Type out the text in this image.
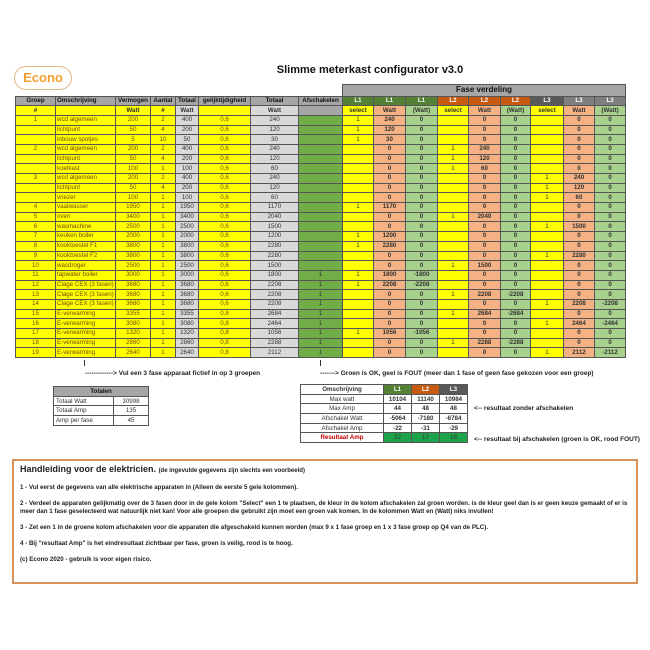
Econo	Slimme meterkast configurator v3.0
								Fase verdeling								
Groep	Omschrijving	Vermogen	Aantal	Totaal	gelijktijdigheid	Totaal	Afschakelen	L1	L1	L1	L2	L2	L2	L3	L3	L3
#		Watt	#	Watt		Watt		select	Watt	(Watt)	select	Watt	(Watt)	select	Watt	(Watt)
1	wcd algemeen	200	2	400	0,6	240		1	240	0		0	0		0	0
	lichtpunt	50	4	200	0,6	120		1	120	0		0	0		0	0
	inbouw spotjes	5	10	50	0,6	30		1	30	0		0	0		0	0
2	wcd algemeen	200	2	400	0,6	240			0	0	1	240	0		0	0
	lichtpunt	50	4	200	0,6	120			0	0	1	120	0		0	0
	koelkast	100	1	100	0,6	60			0	0	1	60	0		0	0
3	wcd algemeen	200	2	400	0,6	240			0	0		0	0	1	240	0
	lichtpunt	50	4	200	0,6	120			0	0		0	0	1	120	0
	vriezer	100	1	100	0,6	60			0	0		0	0	1	60	0
4	vaatwasser	1950	1	1950	0,6	1170		1	1170	0		0	0		0	0
5	oven	3400	1	3400	0,6	2040			0	0	1	2040	0		0	0
6	wasmachine	2500	1	2500	0,6	1500			0	0		0	0	1	1500	0
7	keuken boiler	2000	1	2000	0,6	1200		1	1200	0		0	0		0	0
8	kooktoestel F1	3800	1	3800	0,6	2280		1	2280	0		0	0		0	0
9	kooktoestel F2	3800	1	3800	0,6	2280			0	0		0	0	1	2280	0
10	wasdroger	2500	1	2500	0,6	1500			0	0	1	1500	0		0	0
11	tapwater boiler	3000	1	3000	0,6	1800	1	1	1800	-1800		0	0		0	0
12	Clage CEX (3 fasen)	3680	1	3680	0,6	2208	1	1	2208	-2208		0	0		0	0
13	Clage CEX (3 fasen)	3680	1	3680	0,6	2208	1		0	0	1	2208	-2208		0	0
14	Clage CEX (3 fasen)	3680	1	3680	0,6	2208	1		0	0		0	0	1	2208	-2208
15	E-verwarming	3355	1	3355	0,8	2684	1		0	0	1	2684	-2684		0	0
16	E-verwarming	3080	1	3080	0,8	2464	1		0	0		0	0	1	2464	-2464
17	E-verwarming	1320	1	1320	0,8	1056	1	1	1056	-1056		0	0		0	0
18	E-verwarming	2860	1	2860	0,8	2288	1		0	0	1	2288	-2288		0	0
19	E-verwarming	2640	1	2640	0,8	2112	1		0	0		0	0	1	2112	-2112
-------------> Vul een 3 fase apparaat fictief in op 3 groepen	-------> Groen is OK, geel is FOUT (meer dan 1 fase of geen fase gekozen voor een groep)
Totalen	
Totaal Watt	30998
Totaal Amp	135
Amp per fase	45
Omschrijving	L1	L2	L3
Max watt	10104	11140	10984
Max Amp	44	48	48
Afschakel Watt	-5064	-7180	-6784
Afschakel Amp	-22	-31	-29
Resultaat Amp	22	17	18
<-- resultaat zonder afschakelen
<-- resultaat bij afschakelen (groen is OK, rood FOUT)

Handleiding voor de elektricien. (de ingevulde gegevens zijn slechts een voorbeeld)

1 - Vul eerst de gegevens van alle elektrische apparaten in (Alleen de eerste 5 gele kolommen).

2 - Verdeel de apparaten gelijkmatig over de 3 fasen door in de gele kolom "Select" een 1 te plaatsen, de kleur in de kolom afschakelen zal groen worden. is de kleur geel dan is er geen keuze gemaakt of er is meer dan 1 fase geselecteerd wat natuurlijk niet kan! Voor alle groepen die gebruikt zijn moet een groen vak komen. In de kolommen Watt en (Watt) niks invullen!

3 - Zet een 1 in de groene kolom afschakelen voor die apparaten die afgeschakeld kunnen worden (max 9 x 1 fase groep en 1 x 3 fase groep op Q4 van de PLC).

4 - Bij "resultaat Amp" is het eindresultaat zichtbaar per fase, groen is veilig, rood is te hoog.

(c) Econo 2020 - gebruik is voor eigen risico.
